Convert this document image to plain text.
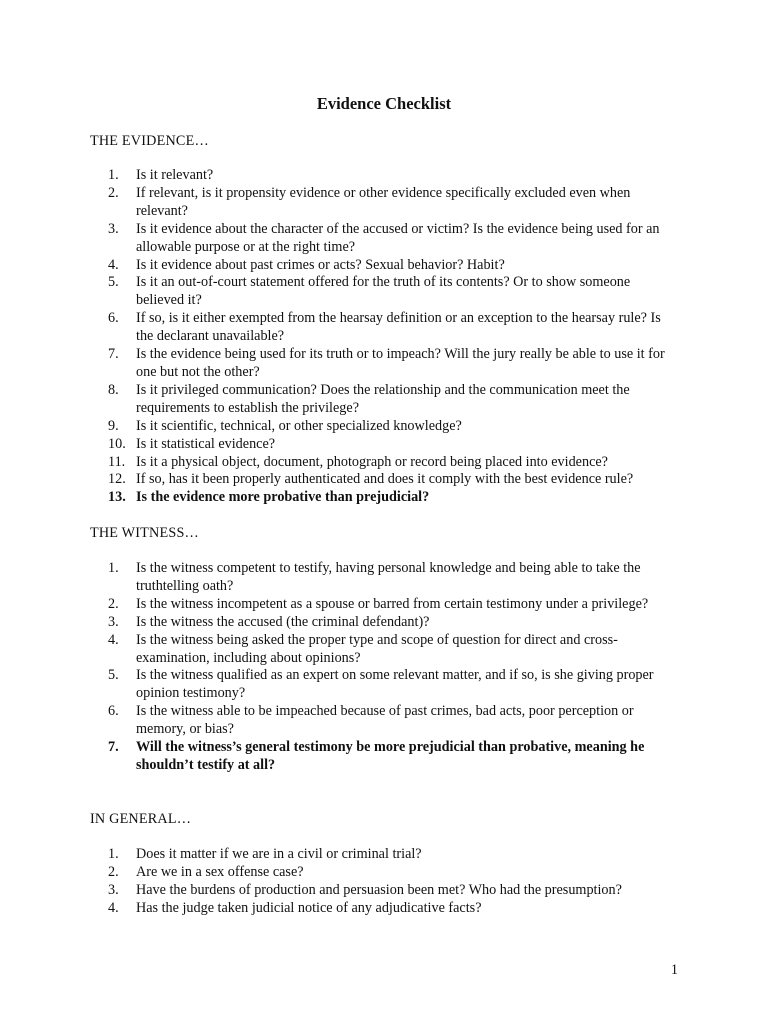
Evidence Checklist
THE EVIDENCE…
1.	Is it relevant?
2.	If relevant, is it propensity evidence or other evidence specifically excluded even when relevant?
3.	Is it evidence about the character of the accused or victim? Is the evidence being used for an allowable purpose or at the right time?
4.	Is it evidence about past crimes or acts? Sexual behavior? Habit?
5.	Is it an out-of-court statement offered for the truth of its contents? Or to show someone believed it?
6.	If so, is it either exempted from the hearsay definition or an exception to the hearsay rule? Is the declarant unavailable?
7.	Is the evidence being used for its truth or to impeach? Will the jury really be able to use it for one but not the other?
8.	Is it privileged communication? Does the relationship and the communication meet the requirements to establish the privilege?
9.	Is it scientific, technical, or other specialized knowledge?
10. Is it statistical evidence?
11. Is it a physical object, document, photograph or record being placed into evidence?
12. If so, has it been properly authenticated and does it comply with the best evidence rule?
13. Is the evidence more probative than prejudicial?
THE WITNESS…
1.	Is the witness competent to testify, having personal knowledge and being able to take the truthtelling oath?
2.	Is the witness incompetent as a spouse or barred from certain testimony under a privilege?
3.	Is the witness the accused (the criminal defendant)?
4.	Is the witness being asked the proper type and scope of question for direct and cross-examination, including about opinions?
5.	Is the witness qualified as an expert on some relevant matter, and if so, is she giving proper opinion testimony?
6.	Is the witness able to be impeached because of past crimes, bad acts, poor perception or memory, or bias?
7.	Will the witness’s general testimony be more prejudicial than probative, meaning he shouldn’t testify at all?
IN GENERAL…
1.	Does it matter if we are in a civil or criminal trial?
2.	Are we in a sex offense case?
3.	Have the burdens of production and persuasion been met? Who had the presumption?
4.	Has the judge taken judicial notice of any adjudicative facts?
1
